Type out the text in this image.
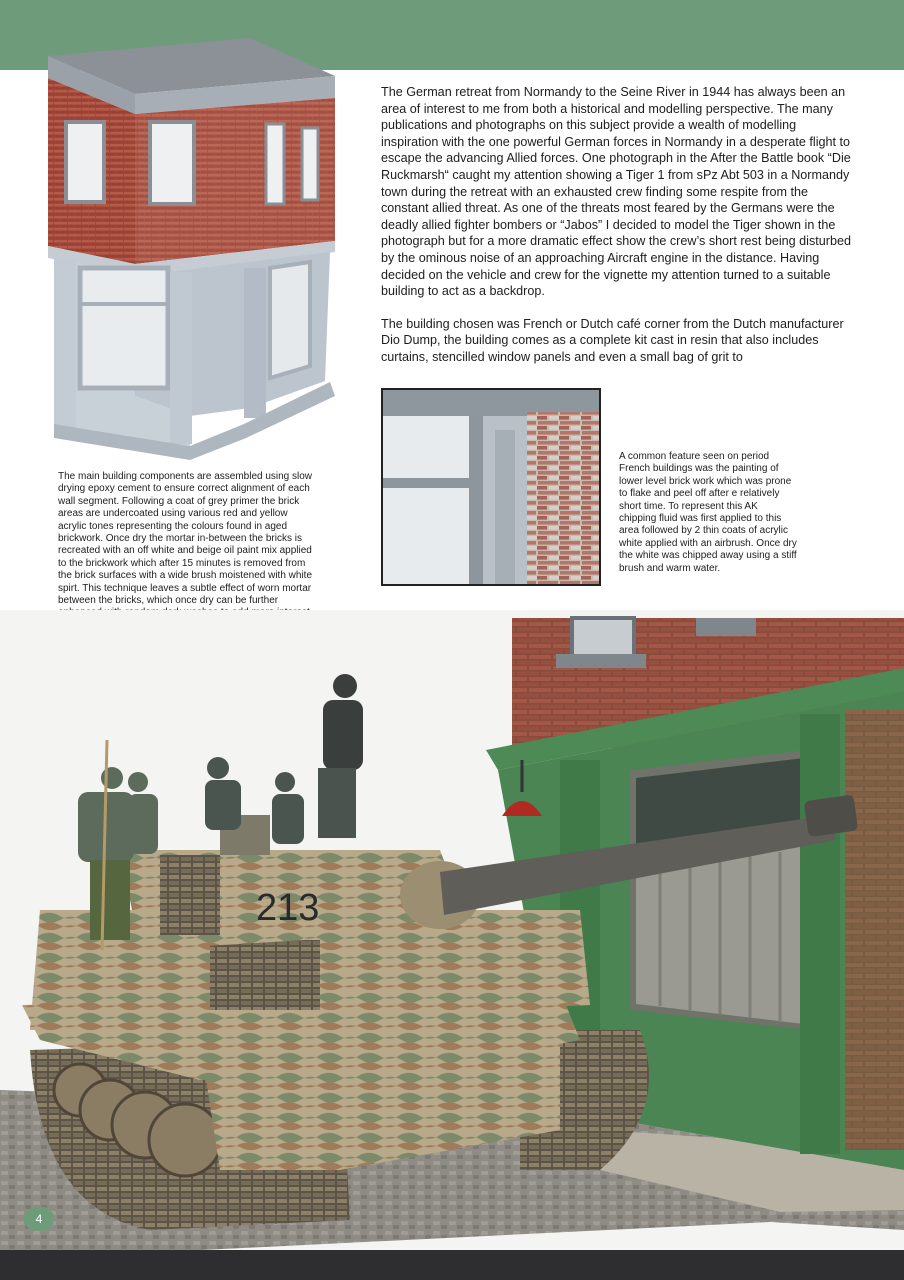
The German retreat from Normandy to the Seine River in 1944 has always been an area of interest to me from both a historical and modelling perspective. The many publications and photographs on this subject provide a wealth of modelling inspiration with the one powerful German forces in Normandy in a desperate flight to escape the advancing Allied forces. One photograph in the After the Battle book “Die Ruckmarsh“ caught my attention showing a Tiger 1 from sPz Abt 503 in a Normandy town during the retreat with an exhausted crew finding some respite from the constant allied threat. As one of the threats most feared by the Germans were the deadly allied fighter bombers or “Jabos” I decided to model the Tiger shown in the photograph but for a more dramatic effect show the crew’s short rest being disturbed by the ominous noise of an approaching Aircraft engine in the distance. Having decided on the vehicle and crew for the vignette my attention turned to a suitable building to act as a backdrop.

The building chosen was French or Dutch café corner from the Dutch manufacturer Dio Dump, the building comes as a complete kit cast in resin that also includes curtains, stencilled window panels and even a small bag of grit to

A common feature seen on period French buildings was the painting of lower level brick work which was prone to flake and peel off after e relatively short time. To represent this AK chipping fluid was first applied to this area followed by 2 thin coats of acrylic white applied with an airbrush. Once dry the white was chipped away using a stiff brush and warm water.
The main building components are assembled using slow drying epoxy cement to ensure correct alignment of each wall segment. Following a coat of grey primer the brick areas are undercoated using various red and yellow acrylic tones representing the colours found in aged brickwork. Once dry the mortar in-between the bricks is recreated with an off white and beige oil paint mix applied to the brickwork which after 15 minutes is removed from the brick surfaces with a wide brush moistened with white spirt. This technique leaves a subtle effect of worn mortar between the bricks, which once dry can be further
213
4
